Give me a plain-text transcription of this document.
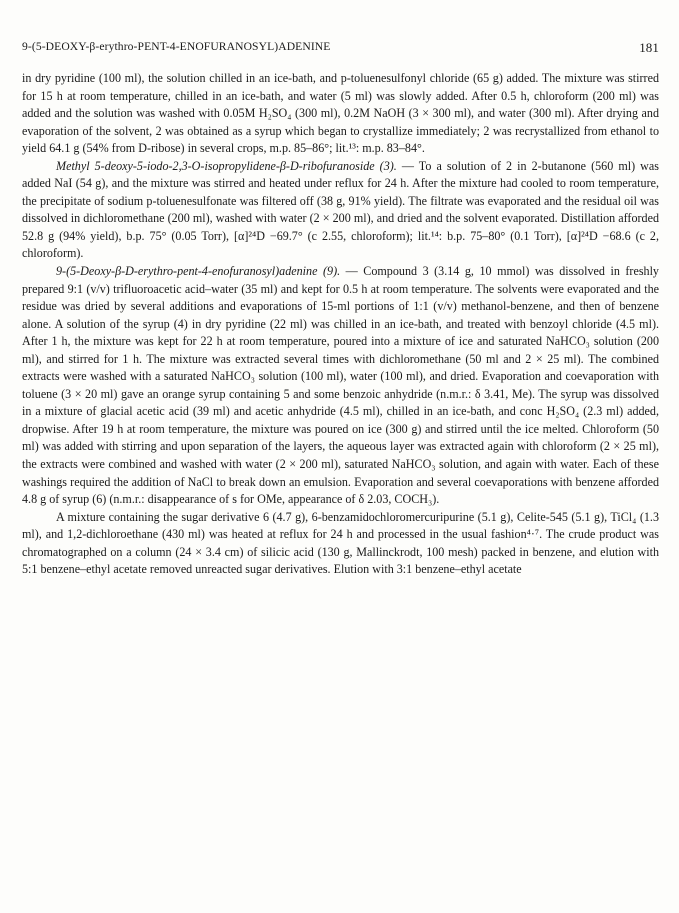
9-(5-DEOXY-β-erythro-PENT-4-ENOFURANOSYL)ADENINE	181

in dry pyridine (100 ml), the solution chilled in an ice-bath, and p-toluenesulfonyl chloride (65 g) added. The mixture was stirred for 15 h at room temperature, chilled in an ice-bath, and water (5 ml) was slowly added. After 0.5 h, chloroform (200 ml) was added and the solution was washed with 0.05M H₂SO₄ (300 ml), 0.2M NaOH (3 × 300 ml), and water (300 ml). After drying and evaporation of the solvent, 2 was obtained as a syrup which began to crystallize immediately; 2 was recrystallized from ethanol to yield 64.1 g (54% from D-ribose) in several crops, m.p. 85–86°; lit.¹³: m.p. 83–84°.

Methyl 5-deoxy-5-iodo-2,3-O-isopropylidene-β-D-ribofuranoside (3). — To a solution of 2 in 2-butanone (560 ml) was added NaI (54 g), and the mixture was stirred and heated under reflux for 24 h. After the mixture had cooled to room temperature, the precipitate of sodium p-toluenesulfonate was filtered off (38 g, 91% yield). The filtrate was evaporated and the residual oil was dissolved in dichloromethane (200 ml), washed with water (2 × 200 ml), and dried and the solvent evaporated. Distillation afforded 52.8 g (94% yield), b.p. 75° (0.05 Torr), [α]²⁴D −69.7° (c 2.55, chloroform); lit.¹⁴: b.p. 75–80° (0.1 Torr), [α]²⁴D −68.6 (c 2, chloroform).

9-(5-Deoxy-β-D-erythro-pent-4-enofuranosyl)adenine (9). — Compound 3 (3.14 g, 10 mmol) was dissolved in freshly prepared 9:1 (v/v) trifluoroacetic acid–water (35 ml) and kept for 0.5 h at room temperature. The solvents were evaporated and the residue was dried by several additions and evaporations of 15-ml portions of 1:1 (v/v) methanol-benzene, and then of benzene alone. A solution of the syrup (4) in dry pyridine (22 ml) was chilled in an ice-bath, and treated with benzoyl chloride (4.5 ml). After 1 h, the mixture was kept for 22 h at room temperature, poured into a mixture of ice and saturated NaHCO₃ solution (200 ml), and stirred for 1 h. The mixture was extracted several times with dichloromethane (50 ml and 2 × 25 ml). The combined extracts were washed with a saturated NaHCO₃ solution (100 ml), water (100 ml), and dried. Evaporation and coevaporation with toluene (3 × 20 ml) gave an orange syrup containing 5 and some benzoic anhydride (n.m.r.: δ 3.41, Me). The syrup was dissolved in a mixture of glacial acetic acid (39 ml) and acetic anhydride (4.5 ml), chilled in an ice-bath, and conc H₂SO₄ (2.3 ml) added, dropwise. After 19 h at room temperature, the mixture was poured on ice (300 g) and stirred until the ice melted. Chloroform (50 ml) was added with stirring and upon separation of the layers, the aqueous layer was extracted again with chloroform (2 × 25 ml), the extracts were combined and washed with water (2 × 200 ml), saturated NaHCO₃ solution, and again with water. Each of these washings required the addition of NaCl to break down an emulsion. Evaporation and several coevaporations with benzene afforded 4.8 g of syrup (6) (n.m.r.: disappearance of s for OMe, appearance of δ 2.03, COCH₃).

A mixture containing the sugar derivative 6 (4.7 g), 6-benzamidochloromercuripurine (5.1 g), Celite-545 (5.1 g), TiCl₄ (1.3 ml), and 1,2-dichloroethane (430 ml) was heated at reflux for 24 h and processed in the usual fashion⁴·⁷. The crude product was chromatographed on a column (24 × 3.4 cm) of silicic acid (130 g, Mallinckrodt, 100 mesh) packed in benzene, and elution with 5:1 benzene–ethyl acetate removed unreacted sugar derivatives. Elution with 3:1 benzene–ethyl acetate
